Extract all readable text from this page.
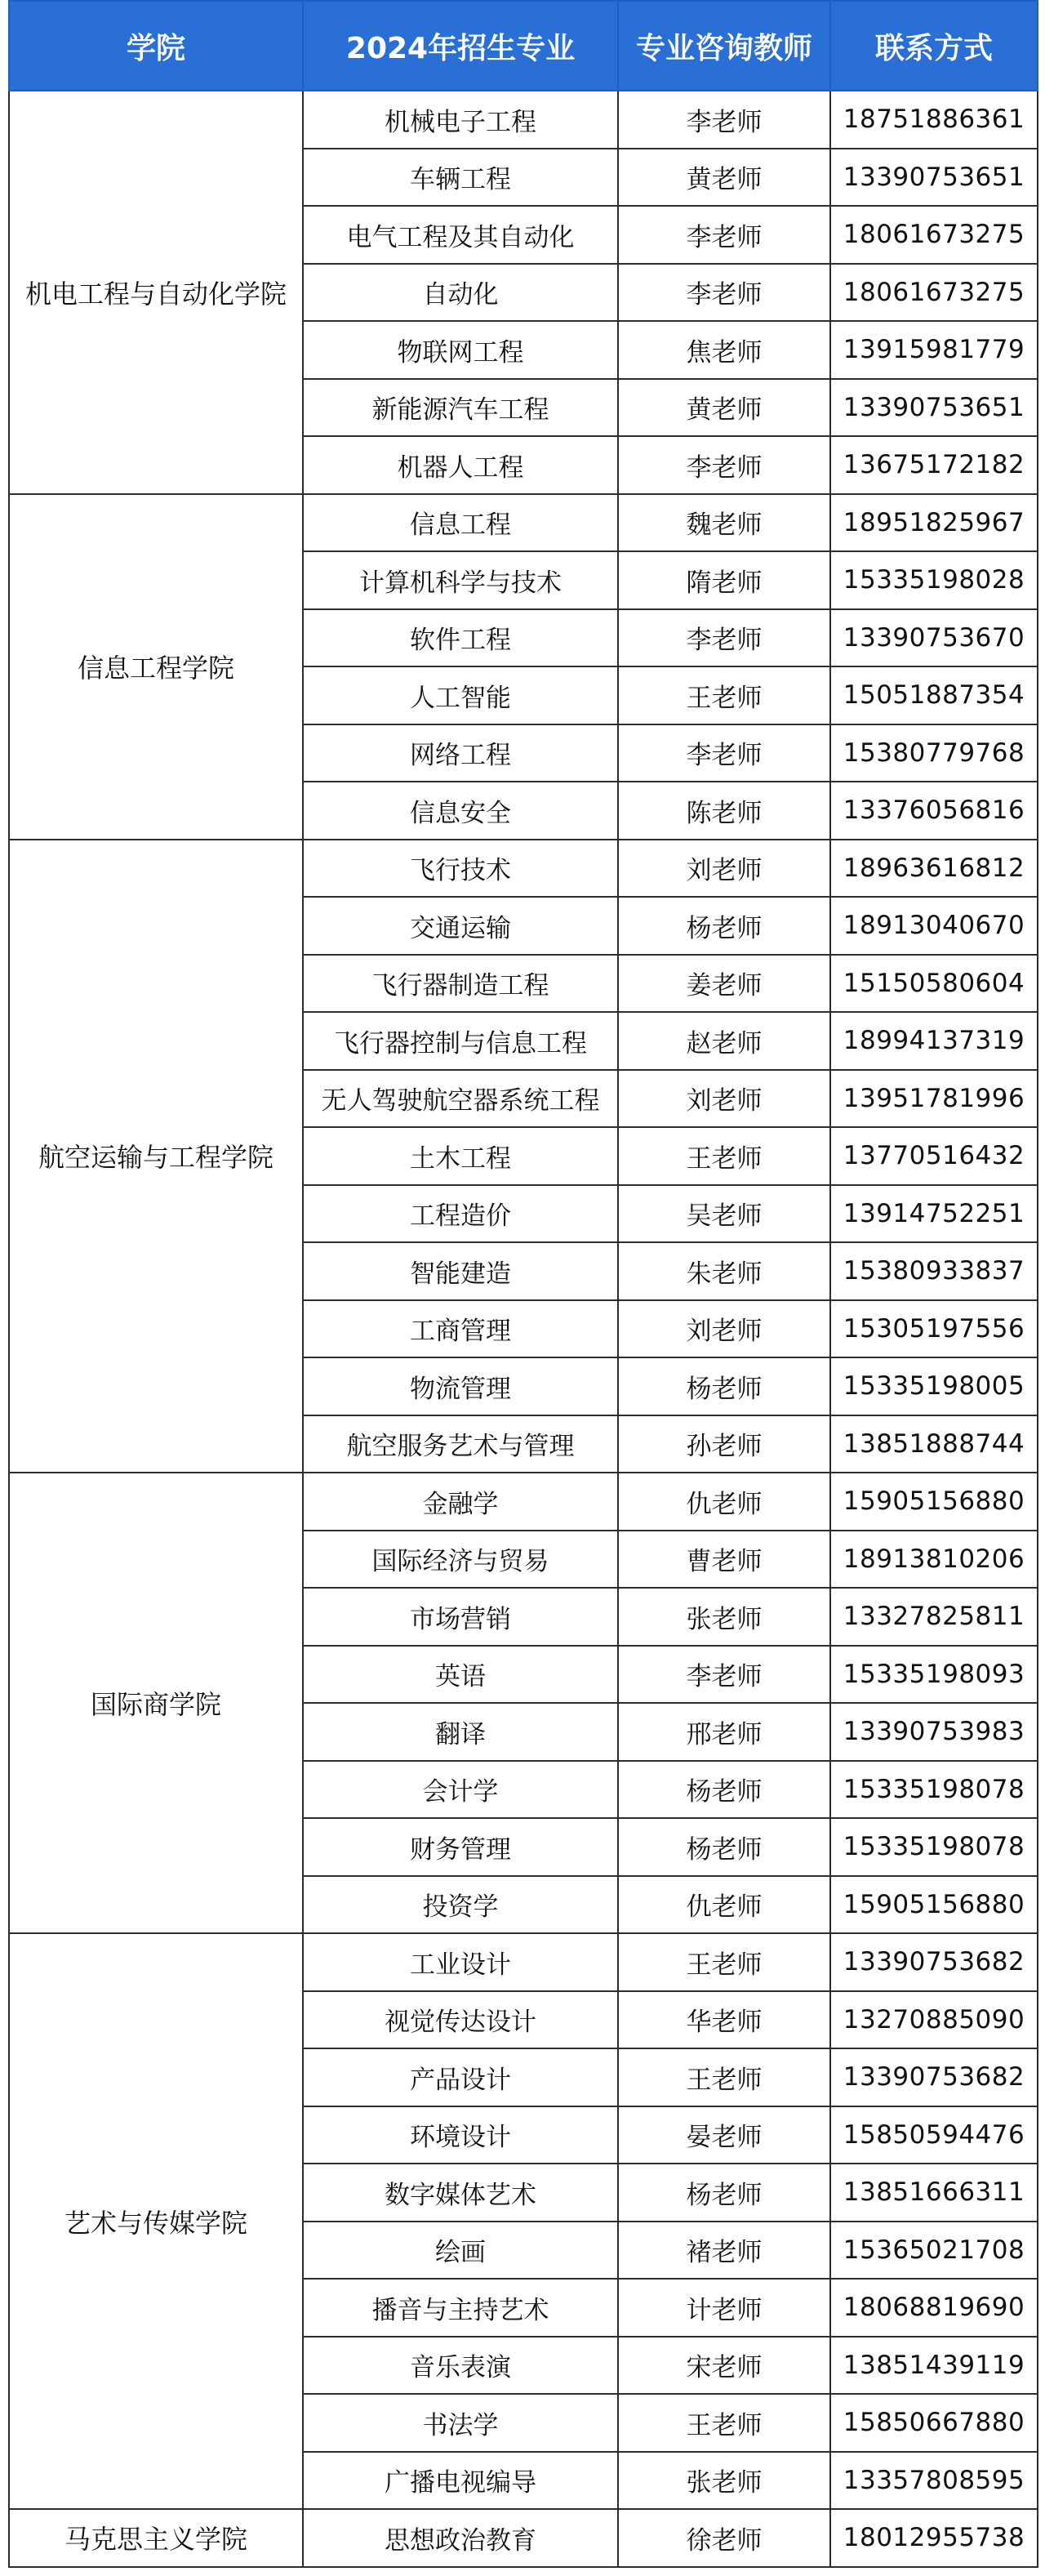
学院	2024年招生专业	专业咨询教师	联系方式
机电工程与自动化学院	机械电子工程	李老师	18751886361
	车辆工程	黄老师	13390753651
	电气工程及其自动化	李老师	18061673275
	自动化	李老师	18061673275
	物联网工程	焦老师	13915981779
	新能源汽车工程	黄老师	13390753651
	机器人工程	李老师	13675172182
信息工程学院	信息工程	魏老师	18951825967
	计算机科学与技术	隋老师	15335198028
	软件工程	李老师	13390753670
	人工智能	王老师	15051887354
	网络工程	李老师	15380779768
	信息安全	陈老师	13376056816
航空运输与工程学院	飞行技术	刘老师	18963616812
	交通运输	杨老师	18913040670
	飞行器制造工程	姜老师	15150580604
	飞行器控制与信息工程	赵老师	18994137319
	无人驾驶航空器系统工程	刘老师	13951781996
	土木工程	王老师	13770516432
	工程造价	吴老师	13914752251
	智能建造	朱老师	15380933837
	工商管理	刘老师	15305197556
	物流管理	杨老师	15335198005
	航空服务艺术与管理	孙老师	13851888744
国际商学院	金融学	仇老师	15905156880
	国际经济与贸易	曹老师	18913810206
	市场营销	张老师	13327825811
	英语	李老师	15335198093
	翻译	邢老师	13390753983
	会计学	杨老师	15335198078
	财务管理	杨老师	15335198078
	投资学	仇老师	15905156880
艺术与传媒学院	工业设计	王老师	13390753682
	视觉传达设计	华老师	13270885090
	产品设计	王老师	13390753682
	环境设计	晏老师	15850594476
	数字媒体艺术	杨老师	13851666311
	绘画	褚老师	15365021708
	播音与主持艺术	计老师	18068819690
	音乐表演	宋老师	13851439119
	书法学	王老师	15850667880
	广播电视编导	张老师	13357808595
马克思主义学院	思想政治教育	徐老师	18012955738
